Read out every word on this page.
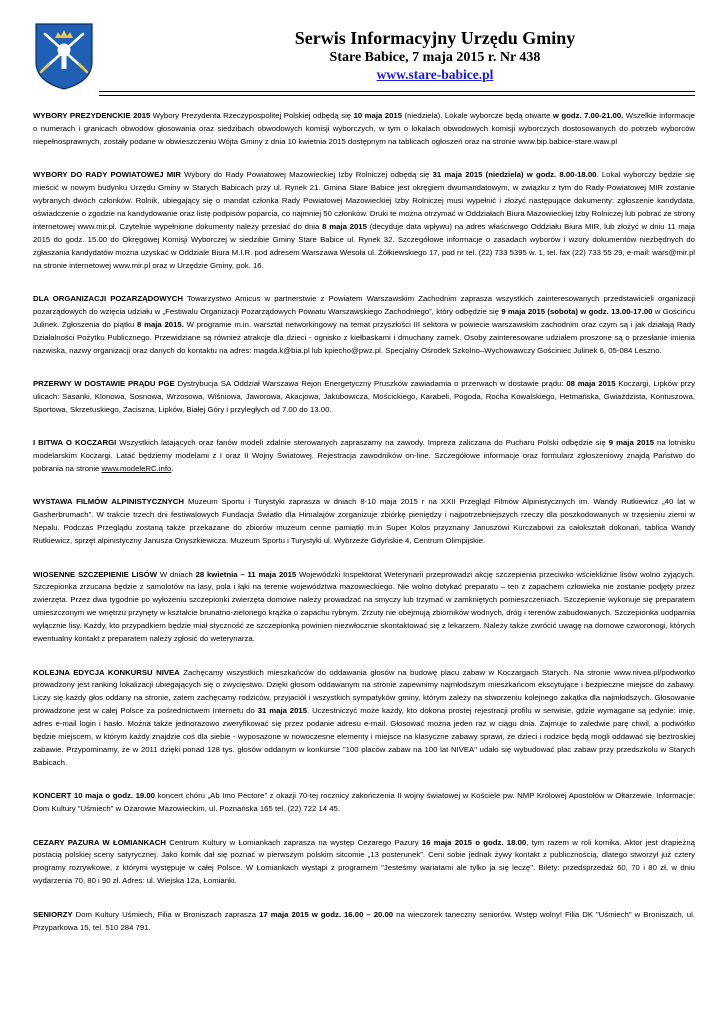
Serwis Informacyjny Urzędu Gminy
Stare Babice, 7 maja 2015 r. Nr 438
www.stare-babice.pl

WYBORY PREZYDENCKIE 2015 Wybory Prezydenta Rzeczypospolitej Polskiej odbędą się 10 maja 2015 (niedziela). Lokale wyborcze będą otwarte w godz. 7.00-21.00. Wszelkie informacje o numerach i granicach obwodów głosowania oraz siedzibach obwodowych komisji wyborczych, w tym o lokalach obwodowych komisji wyborczych dostosowanych do potrzeb wyborców niepełnosprawnych, zostały podane w obwieszczeniu Wójta Gminy z dnia 10 kwietnia 2015 dostępnym na tablicach ogłoszeń oraz na stronie www.bip.babice-stare.waw.pl

WYBORY DO RADY POWIATOWEJ MIR Wybory do Rady Powiatowej Mazowieckiej Izby Rolniczej odbędą się 31 maja 2015 (niedziela) w godz. 8.00-18.00. Lokal wyborczy będzie się mieścić w nowym budynku Urzędu Gminy w Starych Babicach przy ul. Rynek 21. Gmina Stare Babice jest okręgiem dwumandatowym, w związku z tym do Rady Powiatowej MIR zostanie wybranych dwóch członków. Rolnik, ubiegający się o mandat członka Rady Powiatowej Mazowieckiej Izby Rolniczej musi wypełnić i złożyć następujące dokumenty: zgłoszenie kandydata, oświadczenie o zgodzie na kandydowanie oraz listę podpisów poparcia, co najmniej 50 członków. Druki te można otrzymać w Oddziałach Biura Mazowieckiej Izby Rolniczej lub pobrać ze strony internetowej www.mir.pl. Czytelnie wypełnione dokumenty należy przesłać do dnia 8 maja 2015 (decyduje data wpływu) na adres właściwego Oddziału Biura MIR, lub złożyć w dniu 11 maja 2015 do godz. 15.00 do Okręgowej Komisji Wyborczej w siedzibie Gminy Stare Babice ul. Rynek 32. Szczegółowe informacje o zasadach wyborów i wzory dokumentów niezbędnych do zgłaszania kandydatów można uzyskać w Oddziale Biura M.I.R. pod adresem Warszawa Wesoła ul. Żółkiewskiego 17, pod nr tel. (22) 733 5395 w. 1, tel. fax (22) 733 55 29, e-mail: wars@mir.pl na stronie internetowej www.mir.pl oraz w Urzędzie Gminy, pok. 16.

DLA ORGANIZACJI POZARZĄDOWYCH Towarzystwo Amicus w partnerstwie z Powiatem Warszawskim Zachodnim zaprasza wszystkich zainteresowanych przedstawicieli organizacji pozarządowych do wzięcia udziału w „Festiwalu Organizacji Pozarządowych Powiatu Warszawskiego Zachodniego”, który odbędzie się 9 maja 2015 (sobota) w godz. 13.00-17.00 w Gościńcu Julinek. Zgłoszenia do piątku 8 maja 2015. W programie m.in. warsztat networkingowy na temat przyszłości III sektora w powiecie warszawskim zachodnim oraz czym są i jak działają Rady Działalności Pożytku Publicznego. Przewidziane są również atrakcje dla dzieci - ognisko z kiełbaskami i dmuchany zamek. Osoby zainteresowane udziałem proszone są o przesłanie imienia nazwiska, nazwy organizacji oraz danych do kontaktu na adres: magda.k@bia.pl lub kpiecho@pwz.pl. Specjalny Ośrodek Szkolno–Wychowawczy Gościniec Julinek 6, 05-084 Leszno.

PRZERWY W DOSTAWIE PRĄDU PGE Dystrybucja SA Oddział Warszawa Rejon Energetyczny Pruszków zawiadamia o przerwach w dostawie prądu: 08 maja 2015 Koczargi, Lipków przy ulicach: Sasanki, Klonowa, Sosnowa, Wrzosowa, Wiśniowa, Jaworowa, Akacjowa, Jakubowicza, Mościckiego, Karabeli, Pogoda, Rocha Kowalskiego, Hetmańska, Gwiaździsta, Kontuszowa, Sportowa, Skrzetuskiego, Zaciszna, Lipków, Białej Góry i przyległych od 7.00 do 13.00.

I BITWA O KOCZARGI Wszystkich latających oraz fanów modeli zdalnie sterowanych zapraszamy na zawody. Impreza zaliczana do Pucharu Polski odbędzie się 9 maja 2015 na lotnisku modelarskim Koczargi. Latać będziemy modelami z I oraz II Wojny Światowej. Rejestracja zawodników on-line. Szczegółowe informacje oraz formularz zgłoszeniowy znajdą Państwo do pobrania na stronie www.modeleRC.info.

WYSTAWA FILMÓW ALPINISTYCZNYCH Muzeum Sportu i Turystyki zaprasza w dniach 8-10 maja 2015 r na XXII Przegląd Filmów Alpinistycznych im. Wandy Rutkiewicz „40 lat w Gasherbrumach”. W trakcie trzech dni festiwalowych Fundacja Światło dla Himalajów zorganizuje zbiórkę pieniędzy i najpotrzebniejszych rzeczy dla poszkodowanych w trzęsieniu ziemi w Nepalu. Podczas Przeglądu zostaną także przekazane do zbiorów muzeum cenne pamiątki m.in Super Kolos przyznany Januszowi Kurczabowi za całokształt dokonań, tablica Wandy Rutkiewicz, sprzęt alpinistyczny Janusza Onyszkiewicza. Muzeum Sportu i Turystyki ul. Wybrzeże Gdyńskie 4, Centrum Olimpijskie.

WIOSENNE SZCZEPIENIE LISÓW W dniach 28 kwietnia – 11 maja 2015 Wojewódzki Inspektorat Weterynarii przeprowadzi akcję szczepienia przeciwko wściekliźnie lisów wolno żyjących. Szczepionka zrzucana będzie z samolotów na lasy, pola i łąki na terenie województwa mazowieckiego. Nie wolno dotykać preparatu – ten z zapachem człowieka nie zostanie podjęty przez zwierzęta. Przez dwa tygodnie po wyłożeniu szczepionki zwierzęta domowe należy prowadzać na smyczy lub trzymać w zamkniętych pomieszczeniach. Szczepienie wykonuje się preparatem umieszczonym we wnętrzu przynęty w kształcie brunatno-zielonego krążka o zapachu rybnym. Zrzuty nie obejmują zbiorników wodnych, dróg i terenów zabudowanych. Szczepionka uodparnia wyłącznie lisy. Każdy, kto przypadkiem będzie miał styczność ze szczepionką powinien niezwłocznie skontaktować się z lekarzem. Należy także zwrócić uwagę na domowe czworonogi, których ewentualny kontakt z preparatem należy zgłosić do weterynarza.

KOLEJNA EDYCJA KONKURSU NIVEA Zachęcamy wszystkich mieszkańców do oddawania głosów na budowę placu zabaw w Koczargach Starych. Na stronie www.nivea.pl/podworko prowadzony jest ranking lokalizacji ubiegających się o zwycięstwo. Dzięki głosom oddawanym na stronie zapewnimy najmłodszym mieszkańcom ekscytujące i bezpieczne miejsce do zabawy. Liczy się każdy głos oddany na stronie, zatem zachęcamy rodziców, przyjaciół i wszystkich sympatyków gminy, którym zależy na stworzeniu kolejnego zakątka dla najmłodszych. Głosowanie prowadzone jest w całej Polsce za pośrednictwem Internetu do 31 maja 2015. Uczestniczyć może każdy, kto dokona prostej rejestracji profilu w serwisie, gdzie wymagane są jedynie: imię, adres e-mail login i hasło. Można także jednorazowo zweryfikować się przez podanie adresu e-mail. Głosować można jeden raz w ciągu dnia. Zajmuje to zaledwie parę chwil, a podwórko będzie miejscem, w którym każdy znajdzie coś dla siebie - wyposażone w nowoczesne elementy i miejsce na klasyczne zabawy sprawi, że dzieci i rodzice będą mogli oddawać się beztroskiej zabawie. Przypominamy, że w 2011 dzięki ponad 128 tys. głosów oddanym w konkursie "100 placów zabaw na 100 lat NIVEA" udało się wybudować plac zabaw przy przedszkolu w Starych Babicach.

KONCERT 10 maja o godz. 19.00 koncert chóru „Ab Imo Pectore” z okazji 70-tej rocznicy zakończenia II wojny światowej w Kościele pw. NMP Królowej Apostołów w Ołtarzewie. Informacje: Dom Kultury "Uśmiech" w Ożarowie Mazowieckim, ul. Poznańska 165 tel. (22) 722 14 45.

CEZARY PAZURA W ŁOMIANKACH Centrum Kultury w Łomiankach zaprasza na występ Cezarego Pazury 16 maja 2015 o godz. 18.00, tym razem w roli komika. Aktor jest drapieżną postacią polskiej sceny satyrycznej. Jako komik dał się poznać w pierwszym polskim sitcomie „13 posterunek”. Ceni sobie jednak żywy kontakt z publicznością, dlatego stworzył już cztery programy rozrywkowe, z którymi występuje w całej Polsce. W Łomiankach wystąpi z programem "Jesteśmy wariatami ale tylko ja się leczę". Bilety: przedsprzedaż 60, 70 i 80 zł, w dniu wydarzenia 70, 80 i 90 zł. Adres: ul. Wiejska 12a, Łomianki.

SENIORZY Dom Kultury Uśmiech, Filia w Broniszach zaprasza 17 maja 2015 w godz. 16.00 – 20.00 na wieczorek taneczny seniorów. Wstęp wolny! Filia DK "Uśmiech" w Broniszach, ul. Przyparkowa 15, tel. 510 284 791.
